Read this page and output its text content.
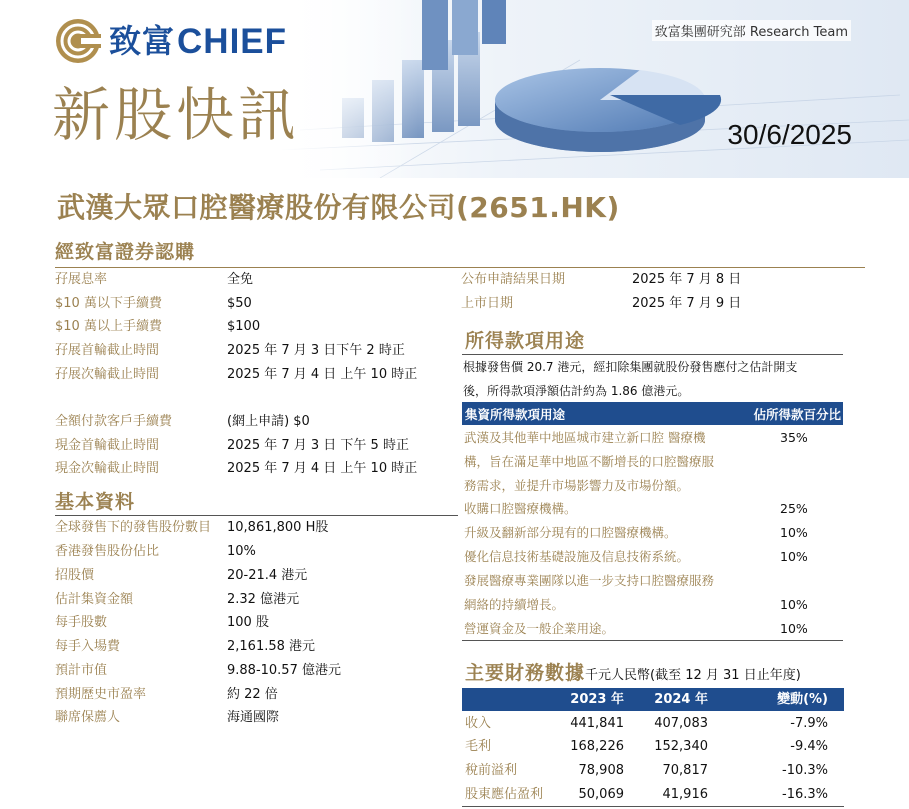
致富 CHIEF	致富集團研究部 Research Team
新股快訊	30/6/2025
武漢大眾口腔醫療股份有限公司(2651.HK)
經致富證券認購
孖展息率	全免
$10 萬以下手續費	$50
$10 萬以上手續費	$100
孖展首輪截止時間	2025 年 7 月 3 日下午 2 時正
孖展次輪截止時間	2025 年 7 月 4 日 上午 10 時正
全額付款客戶手續費	(網上申請) $0
現金首輪截止時間	2025 年 7 月 3 日 下午 5 時正
現金次輪截止時間	2025 年 7 月 4 日 上午 10 時正
公布申請結果日期	2025 年 7 月 8 日
上市日期	2025 年 7 月 9 日
基本資料
全球發售下的發售股份數目	10,861,800 H股
香港發售股份佔比	10%
招股價	20-21.4 港元
估計集資金額	2.32 億港元
每手股數	100 股
每手入場費	2,161.58 港元
預計市值	9.88-10.57 億港元
預期歷史市盈率	約 22 倍
聯席保薦人	海通國際
所得款項用途
根據發售價 20.7 港元，經扣除集團就股份發售應付之估計開支
後，所得款項淨額估計約為 1.86 億港元。
集資所得款項用途	佔所得款百分比
武漢及其他華中地區城市建立新口腔 醫療機	35%
構，旨在滿足華中地區不斷增長的口腔醫療服
務需求，並提升市場影響力及市場份額。
收購口腔醫療機構。	25%
升級及翻新部分現有的口腔醫療機構。	10%
優化信息技術基礎設施及信息技術系統。	10%
發展醫療專業團隊以進一步支持口腔醫療服務
網絡的持續增長。	10%
營運資金及一般企業用途。	10%
主要財務數據千元人民幣(截至 12 月 31 日止年度)
2023 年 2024 年	變動(%)
收入	441,841 407,083	-7.9%
毛利	168,226 152,340	-9.4%
稅前溢利	78,908	70,817	-10.3%
股東應佔盈利	50,069	41,916	-16.3%
